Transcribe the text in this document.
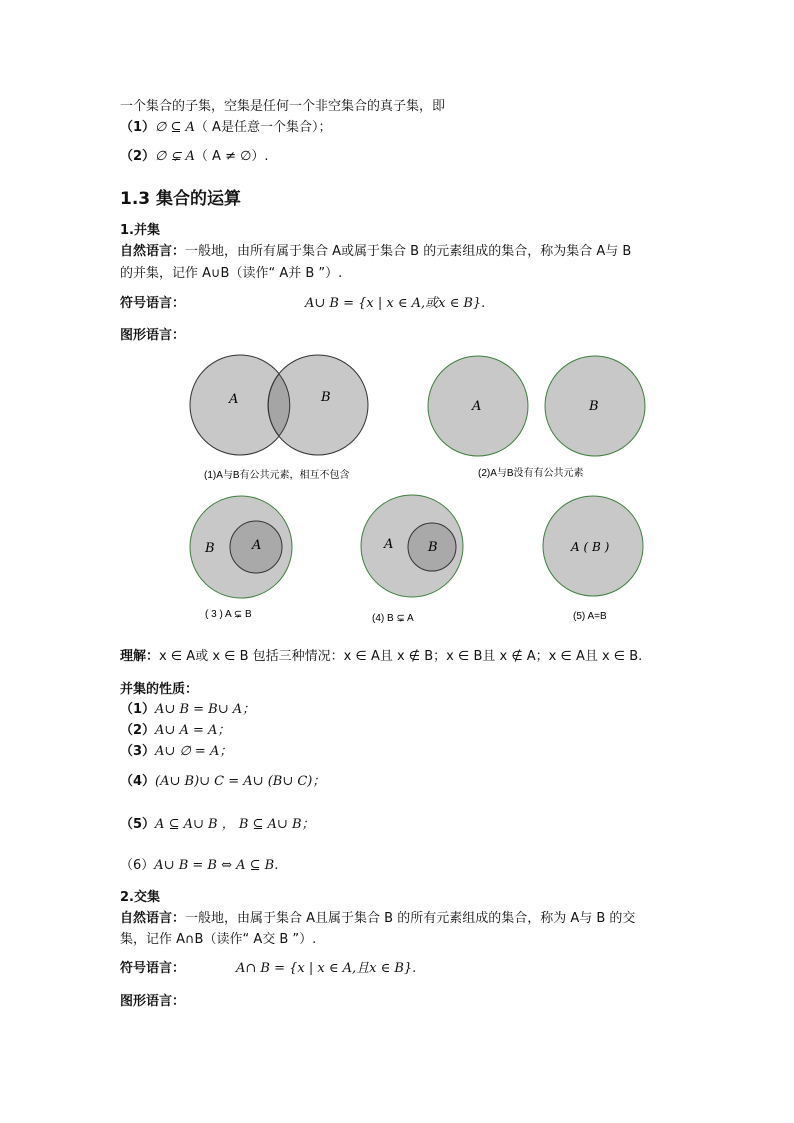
一个集合的子集，空集是任何一个非空集合的真子集，即
（1）∅ ⊆ A（ A是任意一个集合）；
（2）∅ ⊊ A（ A ≠ ∅）.
1.3 集合的运算
1.并集
自然语言：一般地，由所有属于集合 A或属于集合 B 的元素组成的集合，称为集合 A与 B
的并集，记作 A∪B（读作“ A并 B ”）.
符号语言：	A∪ B = {x | x ∈ A,或x ∈ B}.
图形语言：
A	B
(1)A与B有公共元素，相互不包含
A	B
(2)A与B没有有公共元素
B	A
( 3 ) A ⊊ B
A	B
(4) B ⊊ A
A ( B )
(5) A=B
理解：x ∈ A或 x ∈ B 包括三种情况：x ∈ A且 x ∉ B；x ∈ B且 x ∉ A；x ∈ A且 x ∈ B.
并集的性质：
（1）A∪ B = B∪ A；
（2）A∪ A = A；
（3）A∪ ∅ = A；
（4）(A∪ B)∪ C = A∪ (B∪ C)；
（5）A ⊆ A∪ B ， B ⊆ A∪ B；
（6）A∪ B = B ⇔ A ⊆ B.
2.交集
自然语言：一般地，由属于集合 A且属于集合 B 的所有元素组成的集合，称为 A与 B 的交
集，记作 A∩B（读作“ A交 B ”）.
符号语言：	A∩ B = {x | x ∈ A,且x ∈ B}.
图形语言：
